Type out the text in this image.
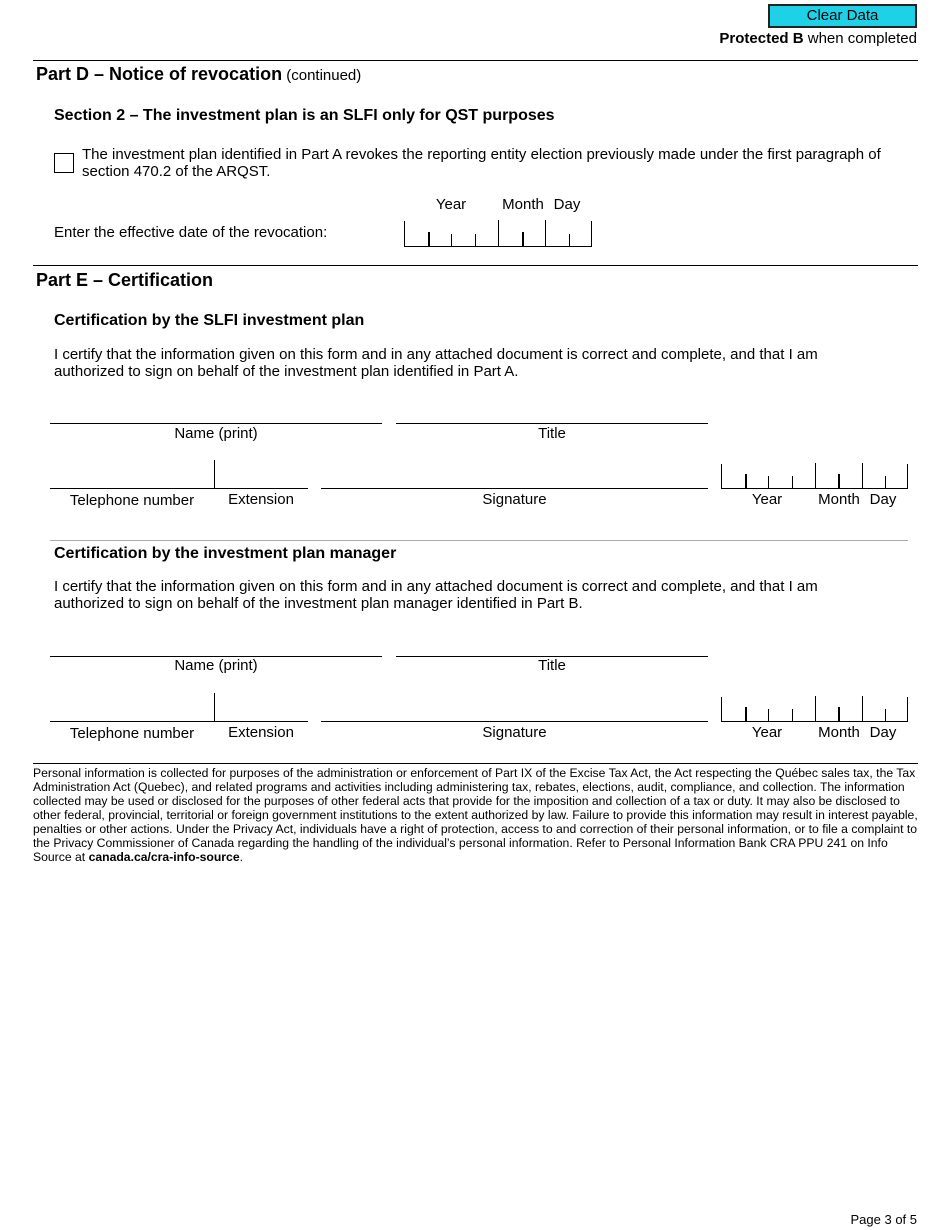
Clear Data
Protected B when completed
Part D – Notice of revocation (continued)
Section 2 – The investment plan is an SLFI only for QST purposes
The investment plan identified in Part A revokes the reporting entity election previously made under the first paragraph of section 470.2 of the ARQST.
Year	Month Day
Enter the effective date of the revocation:
Part E – Certification
Certification by the SLFI investment plan
I certify that the information given on this form and in any attached document is correct and complete, and that I am authorized to sign on behalf of the investment plan identified in Part A.
Name (print)	Title
Telephone number	Extension	Signature	Year	Month Day
Certification by the investment plan manager
I certify that the information given on this form and in any attached document is correct and complete, and that I am authorized to sign on behalf of the investment plan manager identified in Part B.
Name (print)	Title
Telephone number	Extension	Signature	Year	Month Day
Personal information is collected for purposes of the administration or enforcement of Part IX of the Excise Tax Act, the Act respecting the Québec sales tax, the Tax Administration Act (Quebec), and related programs and activities including administering tax, rebates, elections, audit, compliance, and collection. The information collected may be used or disclosed for the purposes of other federal acts that provide for the imposition and collection of a tax or duty. It may also be disclosed to other federal, provincial, territorial or foreign government institutions to the extent authorized by law. Failure to provide this information may result in interest payable, penalties or other actions. Under the Privacy Act, individuals have a right of protection, access to and correction of their personal information, or to file a complaint to the Privacy Commissioner of Canada regarding the handling of the individual’s personal information. Refer to Personal Information Bank CRA PPU 241 on Info Source at canada.ca/cra-info-source.
Page 3 of 5
